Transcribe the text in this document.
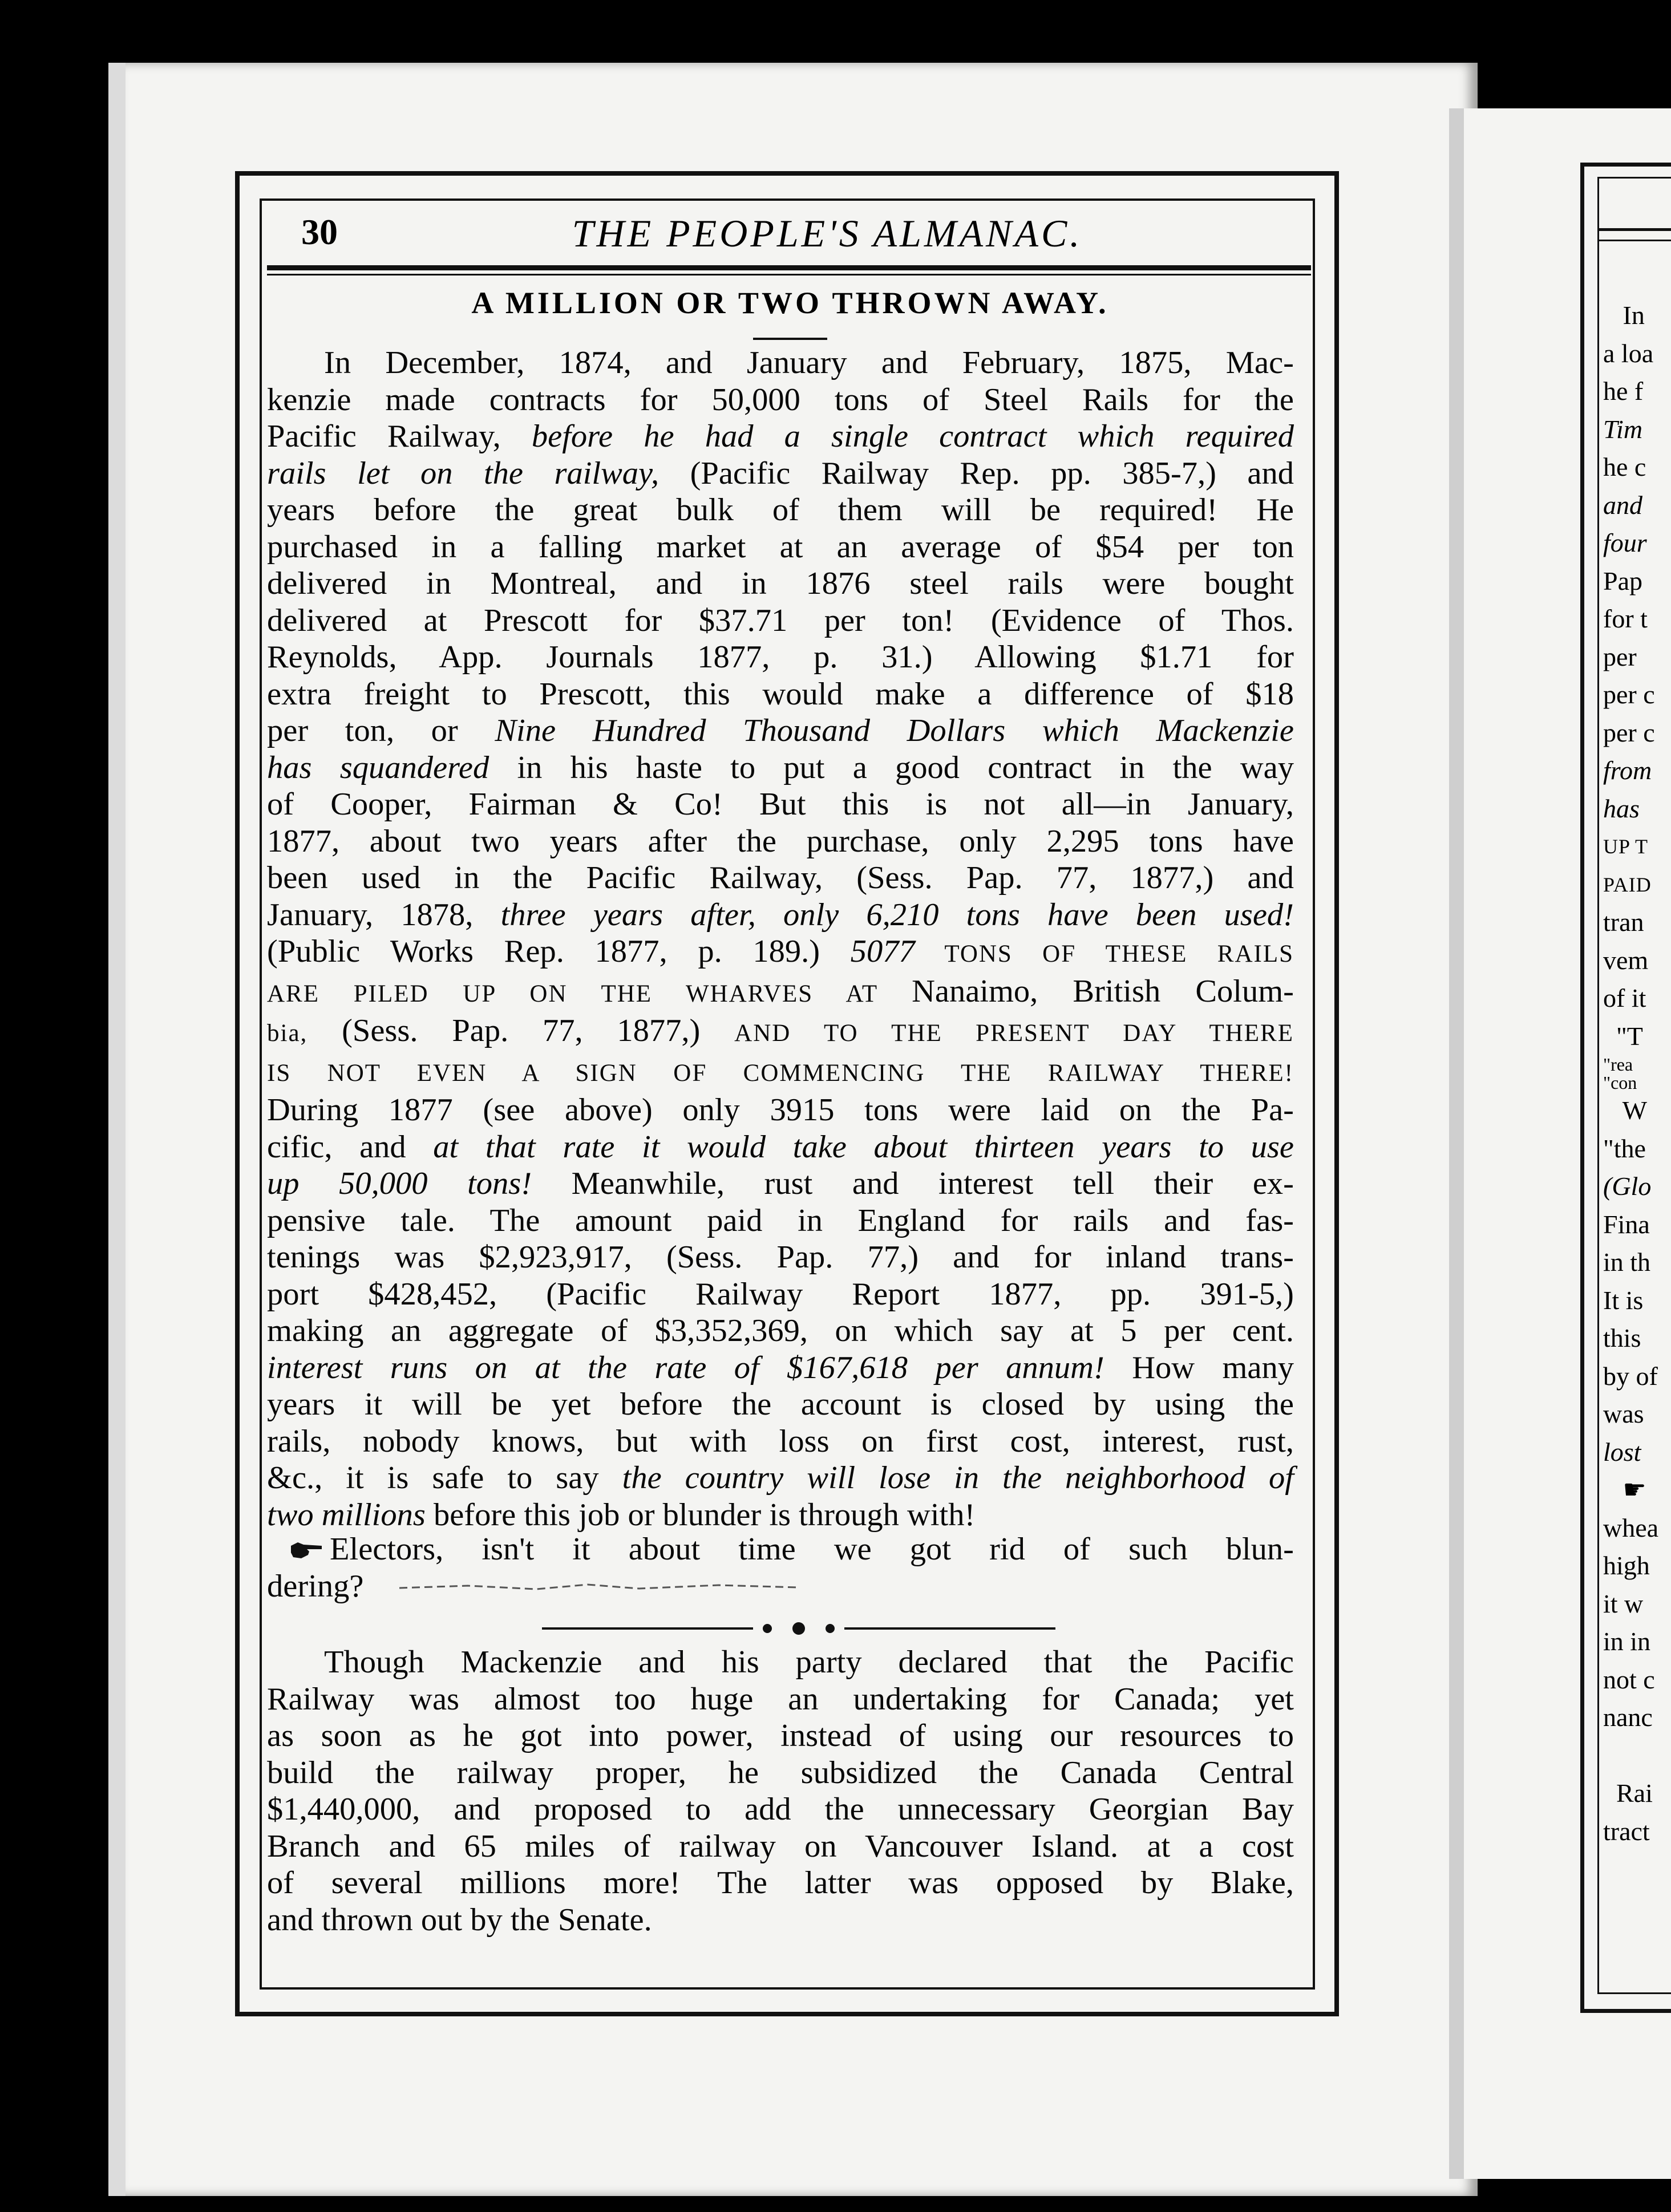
In
a loa
he f
Tim
he c
and
four
Pap
for t
per
per c
per c
from
has
UP T
PAID
tran
vem
of it
"T
"rea
"con
W
"the
(Glo
Fina
in th
It is
this
by of
was
lost
☛
whea
high
it w
in in
not c
nanc

Rai
tract
30	THE PEOPLE'S ALMANAC.
A MILLION OR TWO THROWN AWAY.
In December, 1874, and January and February, 1875, Mac-
kenzie made contracts for 50,000 tons of Steel Rails for the
Pacific Railway, before he had a single contract which required
rails let on the railway, (Pacific Railway Rep. pp. 385-7,) and
years before the great bulk of them will be required! He
purchased in a falling market at an average of $54 per ton
delivered in Montreal, and in 1876 steel rails were bought
delivered at Prescott for $37.71 per ton! (Evidence of Thos.
Reynolds, App. Journals 1877, p. 31.) Allowing $1.71 for
extra freight to Prescott, this would make a difference of $18
per ton, or Nine Hundred Thousand Dollars which Mackenzie
has squandered in his haste to put a good contract in the way
of Cooper, Fairman & Co! But this is not all—in January,
1877, about two years after the purchase, only 2,295 tons have
been used in the Pacific Railway, (Sess. Pap. 77, 1877,) and
January, 1878, three years after, only 6,210 tons have been used!
(Public Works Rep. 1877, p. 189.) 5077 TONS OF THESE RAILS
ARE PILED UP ON THE WHARVES AT Nanaimo, British Colum-
bia, (Sess. Pap. 77, 1877,) AND TO THE PRESENT DAY THERE
IS NOT EVEN A SIGN OF COMMENCING THE RAILWAY THERE!
During 1877 (see above) only 3915 tons were laid on the Pa-
cific, and at that rate it would take about thirteen years to use
up 50,000 tons! Meanwhile, rust and interest tell their ex-
pensive tale. The amount paid in England for rails and fas-
tenings was $2,923,917, (Sess. Pap. 77,) and for inland trans-
port $428,452, (Pacific Railway Report 1877, pp. 391-5,)
making an aggregate of $3,352,369, on which say at 5 per cent.
interest runs on at the rate of $167,618 per annum! How many
years it will be yet before the account is closed by using the
rails, nobody knows, but with loss on first cost, interest, rust,
&c., it is safe to say the country will lose in the neighborhood of
two millions before this job or blunder is through with!
Electors, isn't it about time we got rid of such blun-
dering?
Though Mackenzie and his party declared that the Pacific
Railway was almost too huge an undertaking for Canada; yet
as soon as he got into power, instead of using our resources to
build the railway proper, he subsidized the Canada Central
$1,440,000, and proposed to add the unnecessary Georgian Bay
Branch and 65 miles of railway on Vancouver Island. at a cost
of several millions more! The latter was opposed by Blake,
and thrown out by the Senate.
